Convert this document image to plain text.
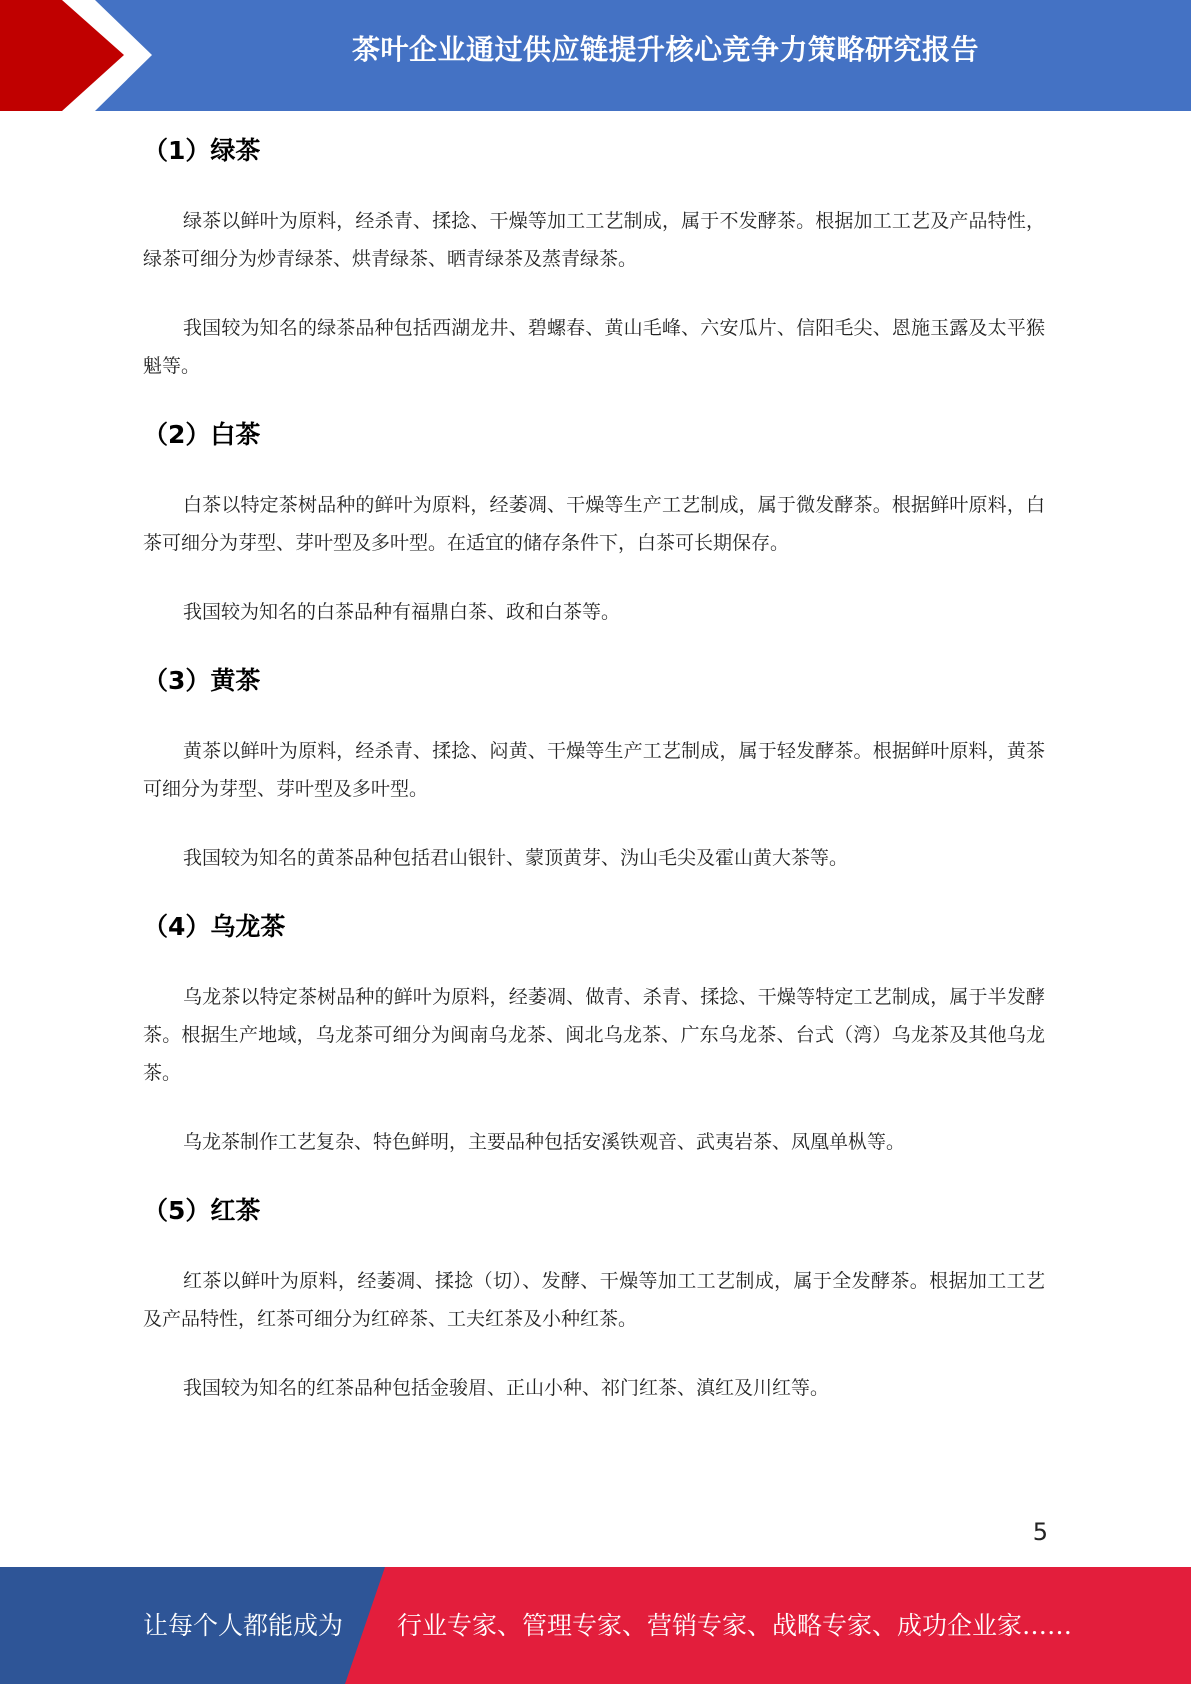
茶叶企业通过供应链提升核心竞争力策略研究报告
（1）绿茶

绿茶以鲜叶为原料，经杀青、揉捻、干燥等加工工艺制成，属于不发酵茶。根据加工工艺及产品特性，绿茶可细分为炒青绿茶、烘青绿茶、晒青绿茶及蒸青绿茶。

我国较为知名的绿茶品种包括西湖龙井、碧螺春、黄山毛峰、六安瓜片、信阳毛尖、恩施玉露及太平猴魁等。

（2）白茶

白茶以特定茶树品种的鲜叶为原料，经萎凋、干燥等生产工艺制成，属于微发酵茶。根据鲜叶原料，白茶可细分为芽型、芽叶型及多叶型。在适宜的储存条件下，白茶可长期保存。

我国较为知名的白茶品种有福鼎白茶、政和白茶等。

（3）黄茶

黄茶以鲜叶为原料，经杀青、揉捻、闷黄、干燥等生产工艺制成，属于轻发酵茶。根据鲜叶原料，黄茶可细分为芽型、芽叶型及多叶型。

我国较为知名的黄茶品种包括君山银针、蒙顶黄芽、沩山毛尖及霍山黄大茶等。

（4）乌龙茶

乌龙茶以特定茶树品种的鲜叶为原料，经萎凋、做青、杀青、揉捻、干燥等特定工艺制成，属于半发酵茶。根据生产地域，乌龙茶可细分为闽南乌龙茶、闽北乌龙茶、广东乌龙茶、台式（湾）乌龙茶及其他乌龙茶。

乌龙茶制作工艺复杂、特色鲜明，主要品种包括安溪铁观音、武夷岩茶、凤凰单枞等。

（5）红茶

红茶以鲜叶为原料，经萎凋、揉捻（切）、发酵、干燥等加工工艺制成，属于全发酵茶。根据加工工艺及产品特性，红茶可细分为红碎茶、工夫红茶及小种红茶。

我国较为知名的红茶品种包括金骏眉、正山小种、祁门红茶、滇红及川红等。

5
让每个人都能成为 行业专家、管理专家、营销专家、战略专家、成功企业家……
